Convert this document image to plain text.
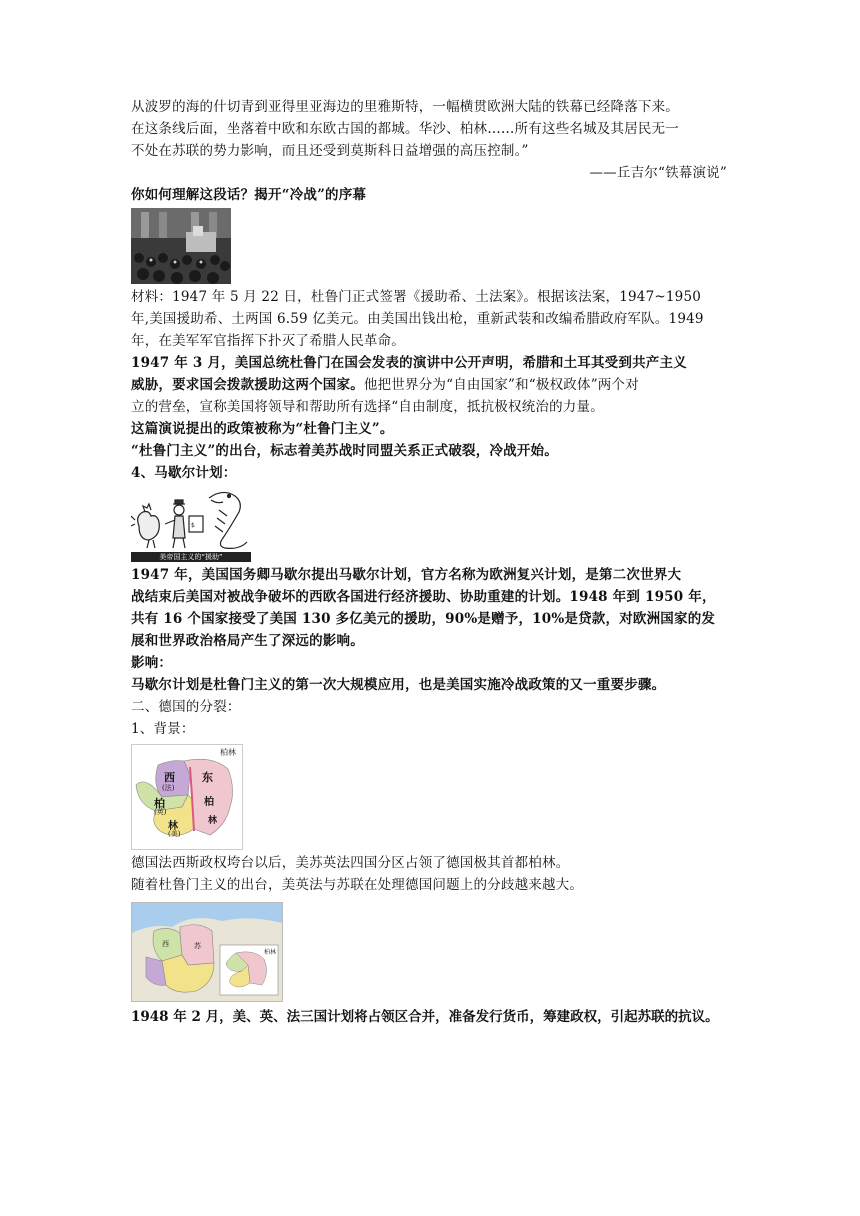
从波罗的海的什切青到亚得里亚海边的里雅斯特，一幅横贯欧洲大陆的铁幕已经降落下来。

在这条线后面，坐落着中欧和东欧古国的都城。华沙、柏林……所有这些名城及其居民无一

不处在苏联的势力影响，而且还受到莫斯科日益增强的高压控制。”

——丘吉尔“铁幕演说”

你如何理解这段话？揭开“冷战”的序幕

材料：1947 年 5 月 22 日，杜鲁门正式签署《援助希、土法案》。根据该法案，1947~1950

年,美国援助希、土两国 6.59 亿美元。由美国出钱出枪，重新武装和改编希腊政府军队。1949

年，在美军军官指挥下扑灭了希腊人民革命。

1947 年 3 月，美国总统杜鲁门在国会发表的演讲中公开声明，希腊和土耳其受到共产主义

威胁，要求国会拨款援助这两个国家。他把世界分为“自由国家”和“极权政体”两个对

立的营垒，宣称美国将领导和帮助所有选择“自由制度，抵抗极权统治的力量。

这篇演说提出的政策被称为“杜鲁门主义”。

“杜鲁门主义”的出台，标志着美苏战时同盟关系正式破裂，冷战开始。

4、马歇尔计划：

$
美帝国主义的“援助”

1947 年，美国国务卿马歇尔提出马歇尔计划，官方名称为欧洲复兴计划，是第二次世界大

战结束后美国对被战争破坏的西欧各国进行经济援助、协助重建的计划。1948 年到 1950 年，

共有 16 个国家接受了美国 130 多亿美元的援助，90%是赠予，10%是贷款，对欧洲国家的发

展和世界政治格局产生了深远的影响。

影响：

马歇尔计划是杜鲁门主义的第一次大规模应用，也是美国实施冷战政策的又一重要步骤。

二、德国的分裂：

1、背景：

柏林
西
(法)
东
柏
(英)
柏
林
(美)
林

德国法西斯政权垮台以后，美苏英法四国分区占领了德国极其首都柏林。

随着杜鲁门主义的出台，美英法与苏联在处理德国问题上的分歧越来越大。

西	苏
柏林

1948 年 2 月，美、英、法三国计划将占领区合并，准备发行货币，筹建政权，引起苏联的抗议。
